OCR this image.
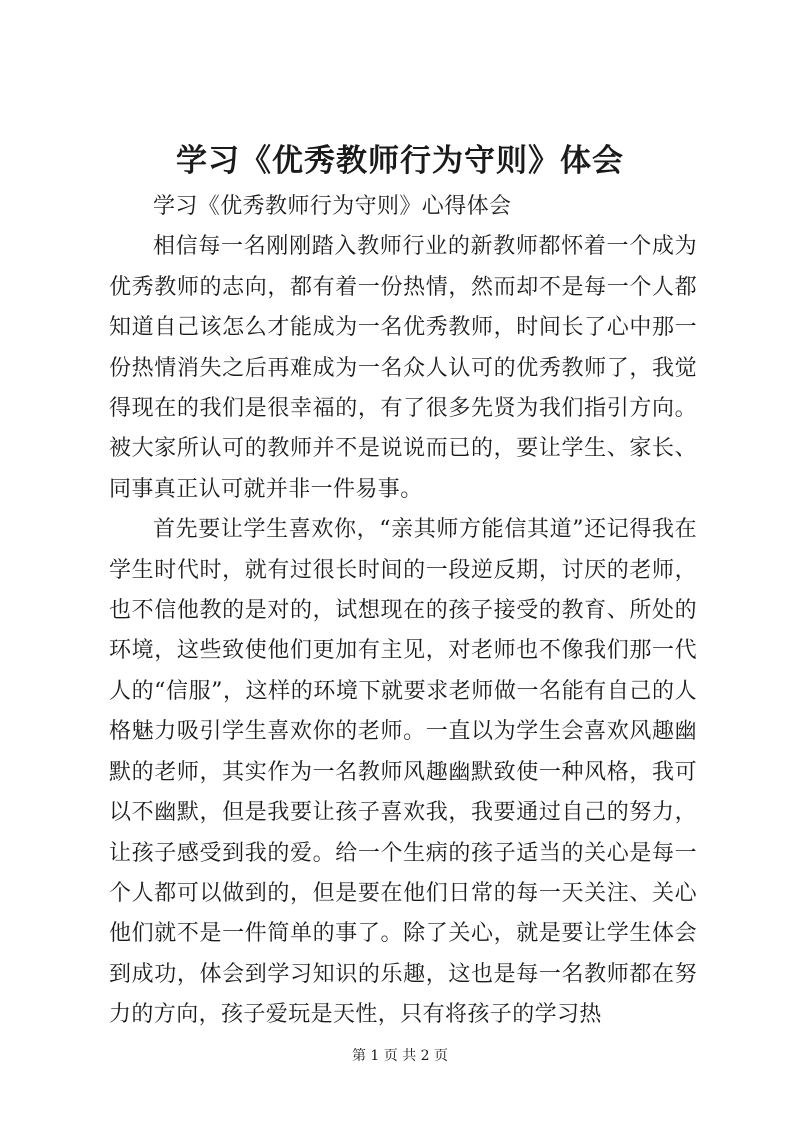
学习《优秀教师行为守则》体会

学习《优秀教师行为守则》心得体会

相信每一名刚刚踏入教师行业的新教师都怀着一个成为优秀教师的志向，都有着一份热情，然而却不是每一个人都知道自己该怎么才能成为一名优秀教师，时间长了心中那一份热情消失之后再难成为一名众人认可的优秀教师了，我觉得现在的我们是很幸福的，有了很多先贤为我们指引方向。被大家所认可的教师并不是说说而已的，要让学生、家长、同事真正认可就并非一件易事。

首先要让学生喜欢你，“亲其师方能信其道”还记得我在学生时代时，就有过很长时间的一段逆反期，讨厌的老师，也不信他教的是对的，试想现在的孩子接受的教育、所处的环境，这些致使他们更加有主见，对老师也不像我们那一代人的“信服”，这样的环境下就要求老师做一名能有自己的人格魅力吸引学生喜欢你的老师。一直以为学生会喜欢风趣幽默的老师，其实作为一名教师风趣幽默致使一种风格，我可以不幽默，但是我要让孩子喜欢我，我要通过自己的努力，让孩子感受到我的爱。给一个生病的孩子适当的关心是每一个人都可以做到的，但是要在他们日常的每一天关注、关心他们就不是一件简单的事了。除了关心，就是要让学生体会到成功，体会到学习知识的乐趣，这也是每一名教师都在努力的方向，孩子爱玩是天性，只有将孩子的学习热

第 1 页 共 2 页
